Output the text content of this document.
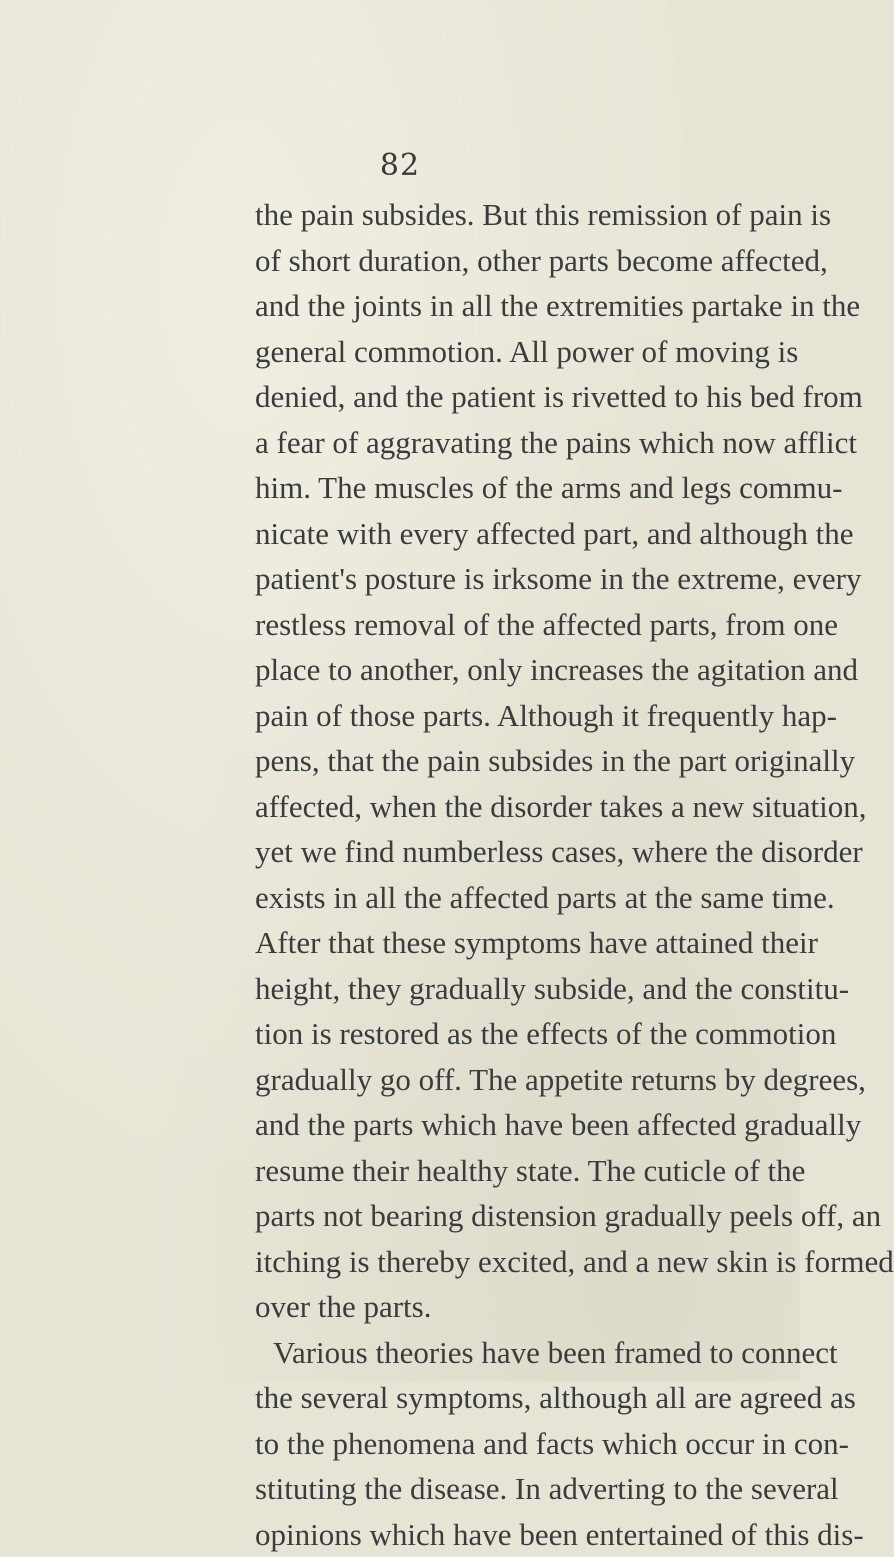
82
the pain subsides. But this remission of pain is
of short duration, other parts become affected,
and the joints in all the extremities partake in the
general commotion. All power of moving is
denied, and the patient is rivetted to his bed from
a fear of aggravating the pains which now afflict
him. The muscles of the arms and legs commu-
nicate with every affected part, and although the
patient's posture is irksome in the extreme, every
restless removal of the affected parts, from one
place to another, only increases the agitation and
pain of those parts. Although it frequently hap-
pens, that the pain subsides in the part originally
affected, when the disorder takes a new situation,
yet we find numberless cases, where the disorder
exists in all the affected parts at the same time.
After that these symptoms have attained their
height, they gradually subside, and the constitu-
tion is restored as the effects of the commotion
gradually go off. The appetite returns by degrees,
and the parts which have been affected gradually
resume their healthy state. The cuticle of the
parts not bearing distension gradually peels off, an
itching is thereby excited, and a new skin is formed
over the parts.
Various theories have been framed to connect
the several symptoms, although all are agreed as
to the phenomena and facts which occur in con-
stituting the disease. In adverting to the several
opinions which have been entertained of this dis-
